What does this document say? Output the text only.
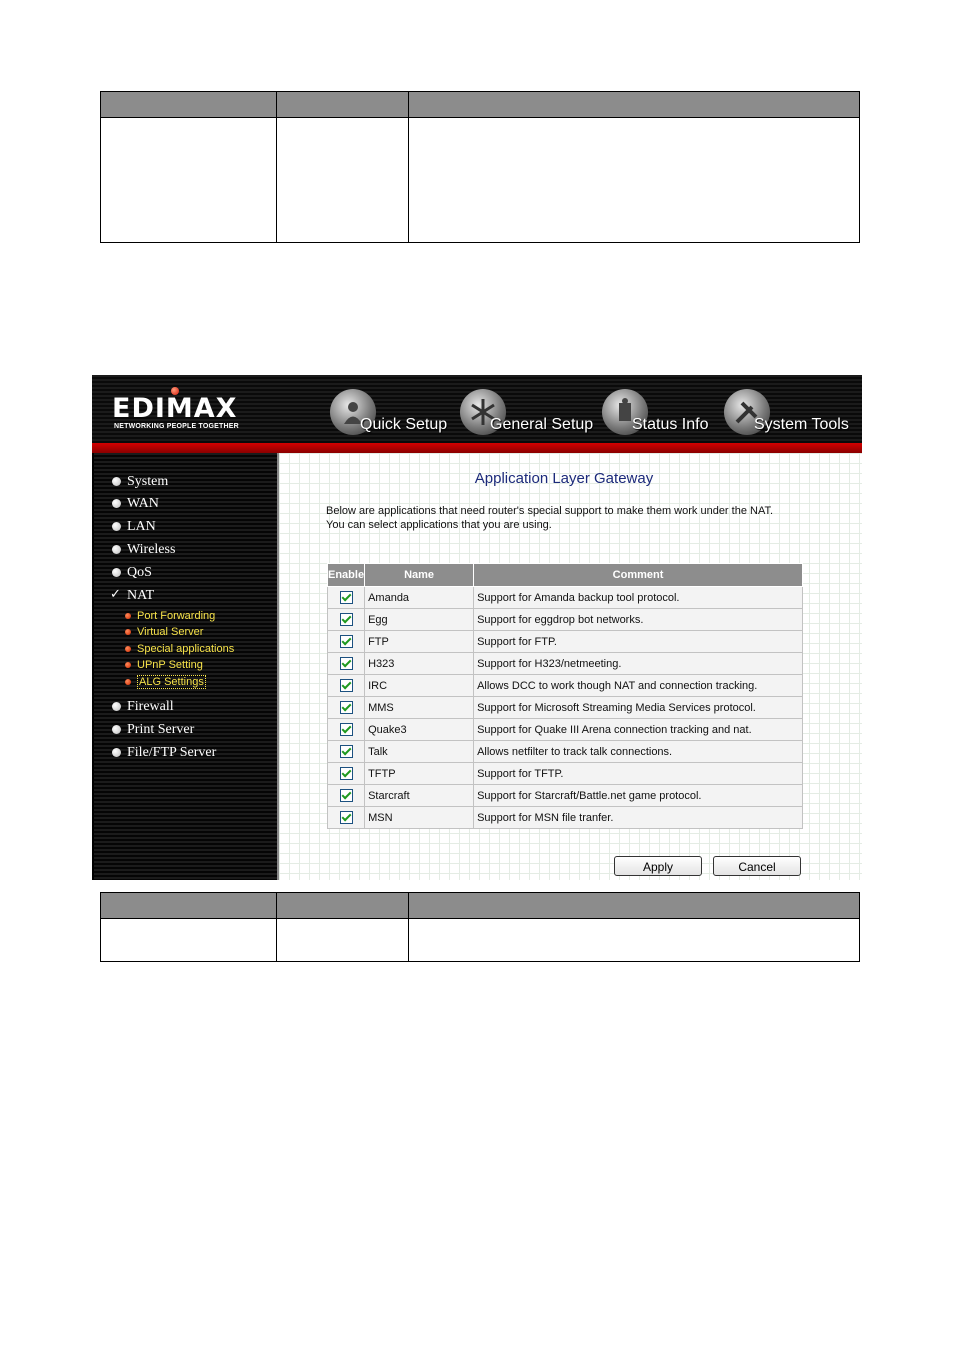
EDIMAX
NETWORKING PEOPLE TOGETHER	Quick Setup	General Setup Status Info	System Tools
System
WAN
LAN
Wireless
QoS
✓ NAT
Port Forwarding
Virtual Server
Special applications
UPnP Setting
ALG Settings
Firewall
Print Server
File/FTP Server
Application Layer Gateway
Below are applications that need router's special support to make them work under the NAT.
You can select applications that you are using.
Enable	Name	Comment
	Amanda	Support for Amanda backup tool protocol.
	Egg	Support for eggdrop bot networks.
	FTP	Support for FTP.
	H323	Support for H323/netmeeting.
	IRC	Allows DCC to work though NAT and connection tracking.
	MMS	Support for Microsoft Streaming Media Services protocol.
	Quake3	Support for Quake III Arena connection tracking and nat.
	Talk	Allows netfilter to track talk connections.
	TFTP	Support for TFTP.
	Starcraft	Support for Starcraft/Battle.net game protocol.
	MSN	Support for MSN file tranfer.
Apply	Cancel
